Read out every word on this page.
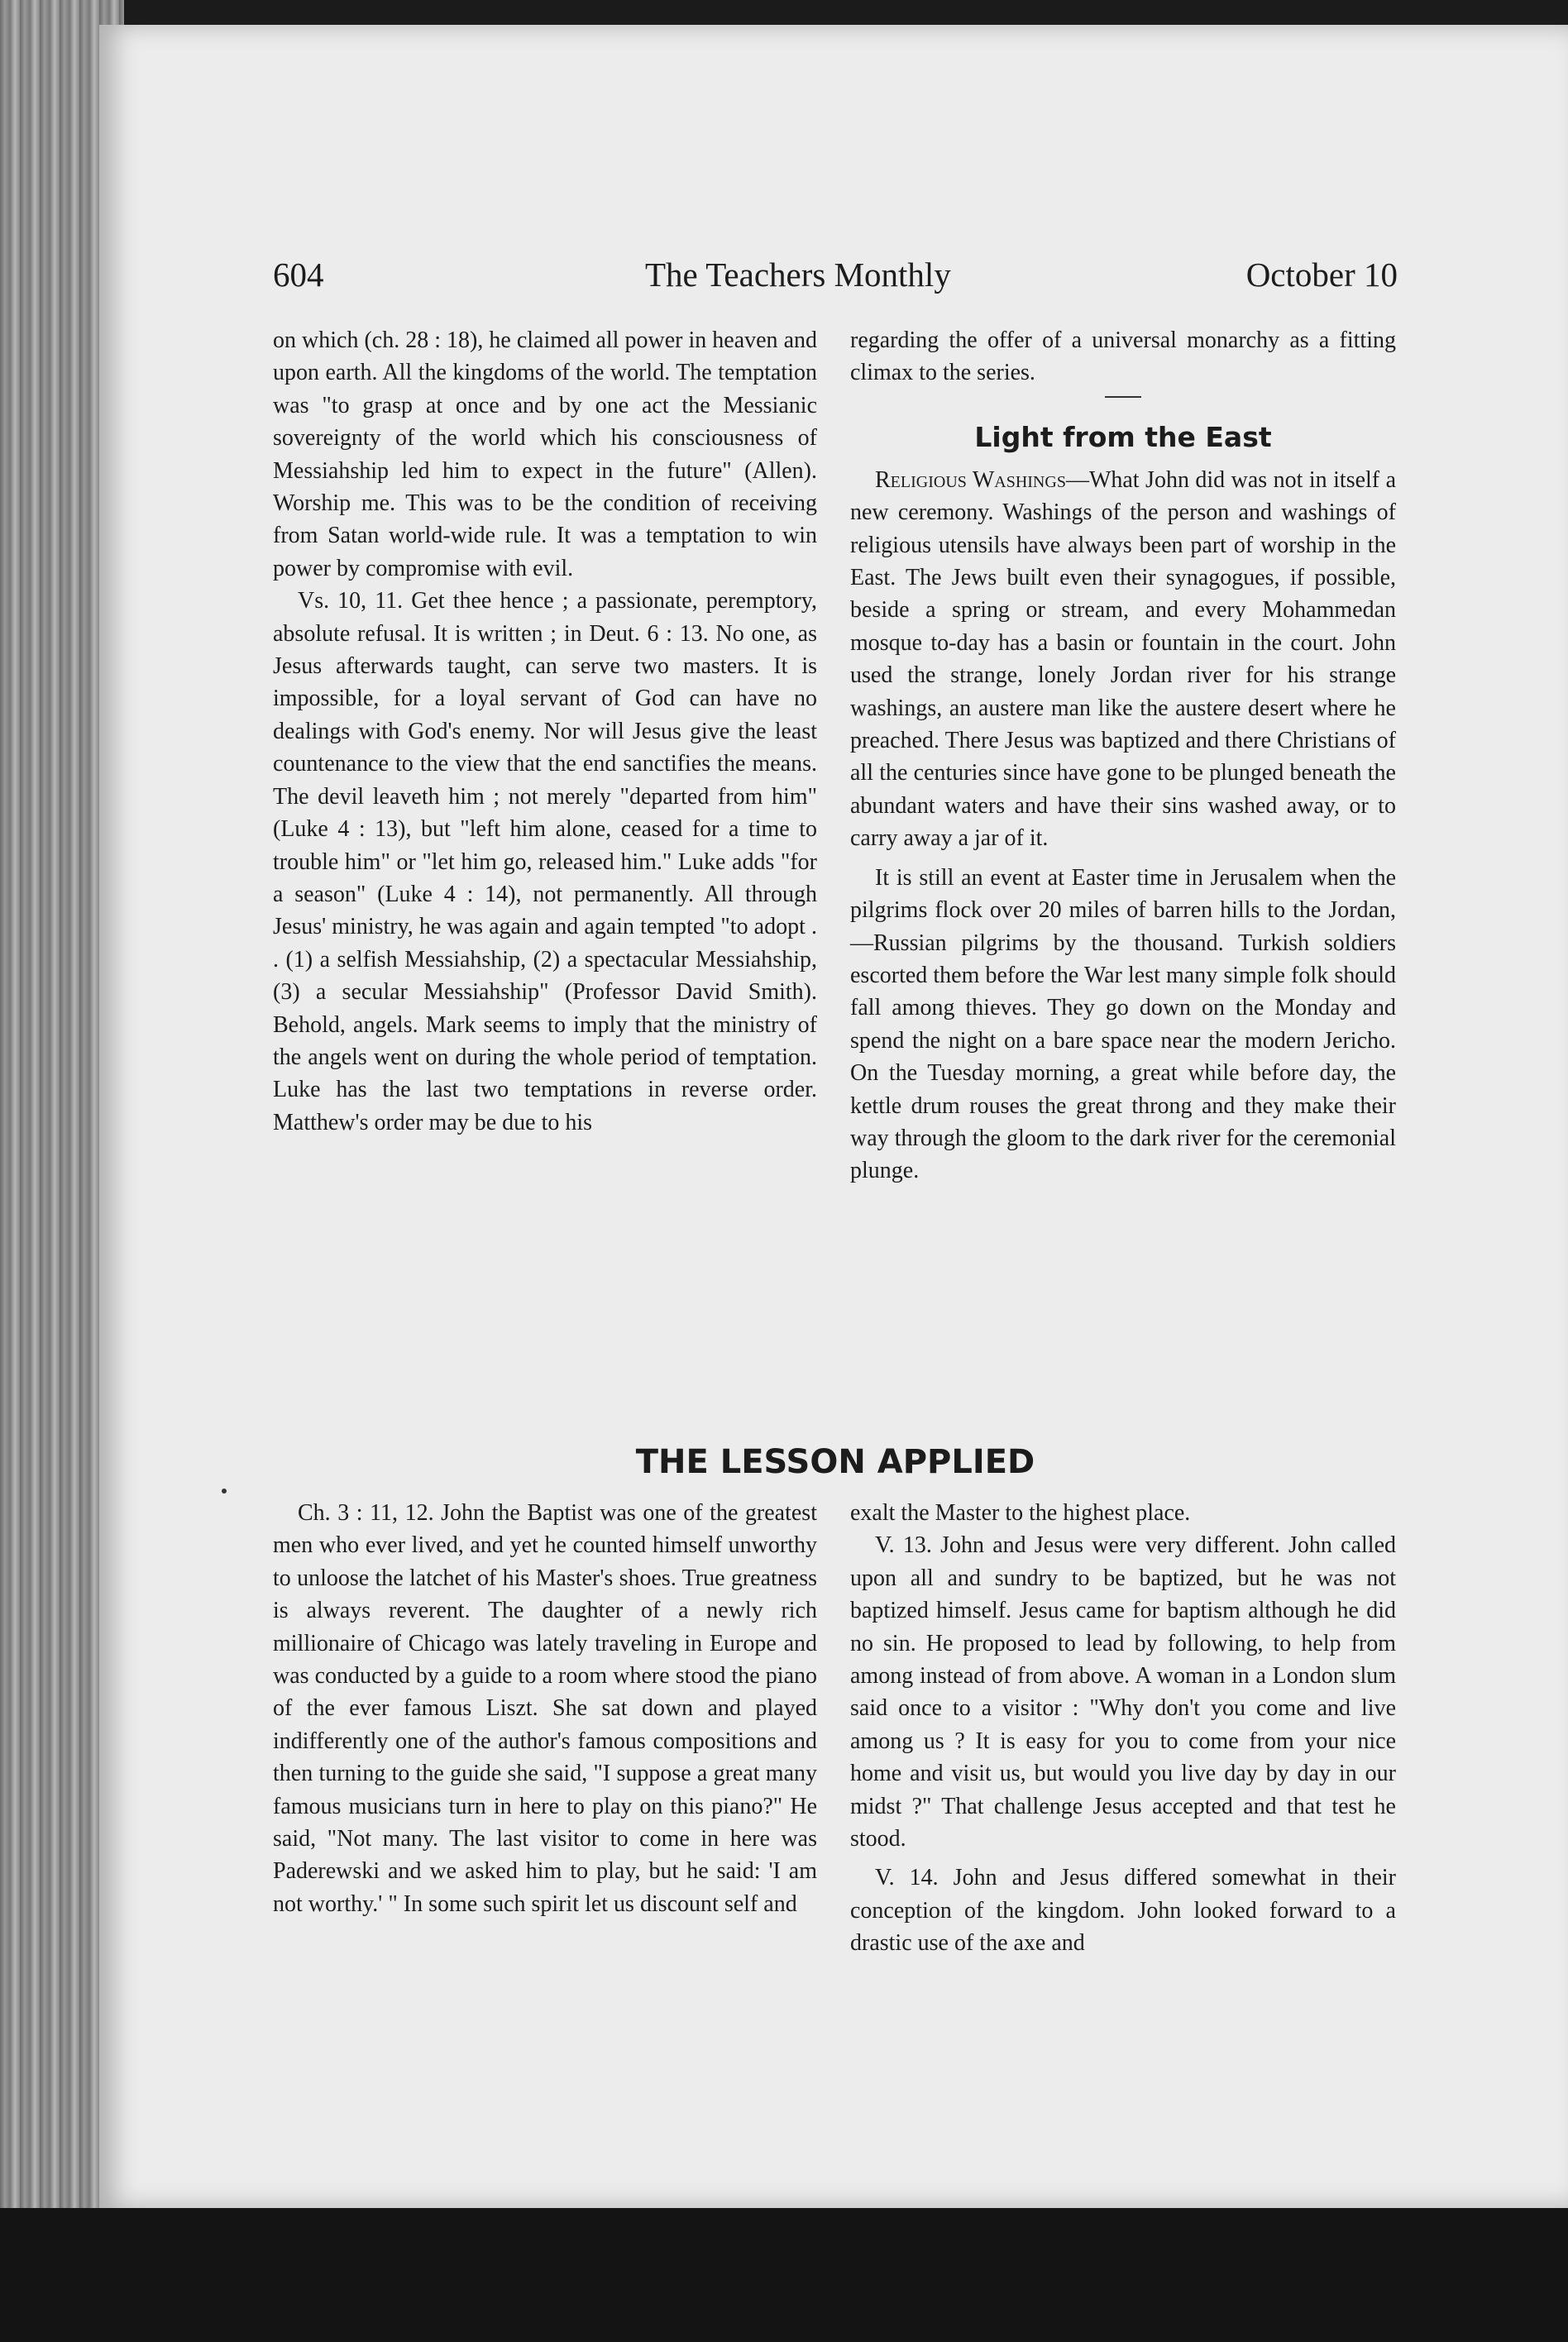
604	The Teachers Monthly	October 10

on which (ch. 28 : 18), he claimed all power in heaven and upon earth. All the kingdoms of the world. The temptation was "to grasp at once and by one act the Messianic sovereignty of the world which his consciousness of Messiahship led him to expect in the future" (Allen). Worship me. This was to be the condition of receiving from Satan world-wide rule. It was a temptation to win power by compromise with evil.

Vs. 10, 11. Get thee hence ; a passionate, peremptory, absolute refusal. It is written ; in Deut. 6 : 13. No one, as Jesus afterwards taught, can serve two masters. It is impossible, for a loyal servant of God can have no dealings with God's enemy. Nor will Jesus give the least countenance to the view that the end sanctifies the means. The devil leaveth him ; not merely "departed from him" (Luke 4 : 13), but "left him alone, ceased for a time to trouble him" or "let him go, released him." Luke adds "for a season" (Luke 4 : 14), not permanently. All through Jesus' ministry, he was again and again tempted "to adopt . . (1) a selfish Messiahship, (2) a spectacular Messiahship, (3) a secular Messiahship" (Professor David Smith). Behold, angels. Mark seems to imply that the ministry of the angels went on during the whole period of temptation. Luke has the last two temptations in reverse order. Matthew's order may be due to his

regarding the offer of a universal monarchy as a fitting climax to the series.

Light from the East

Religious Washings—What John did was not in itself a new ceremony. Washings of the person and washings of religious utensils have always been part of worship in the East. The Jews built even their synagogues, if possible, beside a spring or stream, and every Mohammedan mosque to-day has a basin or fountain in the court. John used the strange, lonely Jordan river for his strange washings, an austere man like the austere desert where he preached. There Jesus was baptized and there Christians of all the centuries since have gone to be plunged beneath the abundant waters and have their sins washed away, or to carry away a jar of it.

It is still an event at Easter time in Jerusalem when the pilgrims flock over 20 miles of barren hills to the Jordan,—Russian pilgrims by the thousand. Turkish soldiers escorted them before the War lest many simple folk should fall among thieves. They go down on the Monday and spend the night on a bare space near the modern Jericho. On the Tuesday morning, a great while before day, the kettle drum rouses the great throng and they make their way through the gloom to the dark river for the ceremonial plunge.

THE LESSON APPLIED

Ch. 3 : 11, 12. John the Baptist was one of the greatest men who ever lived, and yet he counted himself unworthy to unloose the latchet of his Master's shoes. True greatness is always reverent. The daughter of a newly rich millionaire of Chicago was lately traveling in Europe and was conducted by a guide to a room where stood the piano of the ever famous Liszt. She sat down and played indifferently one of the author's famous compositions and then turning to the guide she said, "I suppose a great many famous musicians turn in here to play on this piano?" He said, "Not many. The last visitor to come in here was Paderewski and we asked him to play, but he said: 'I am not worthy.' " In some such spirit let us discount self and

exalt the Master to the highest place.

V. 13. John and Jesus were very different. John called upon all and sundry to be baptized, but he was not baptized himself. Jesus came for baptism although he did no sin. He proposed to lead by following, to help from among instead of from above. A woman in a London slum said once to a visitor : "Why don't you come and live among us ? It is easy for you to come from your nice home and visit us, but would you live day by day in our midst ?" That challenge Jesus accepted and that test he stood.

V. 14. John and Jesus differed somewhat in their conception of the kingdom. John looked forward to a drastic use of the axe and
